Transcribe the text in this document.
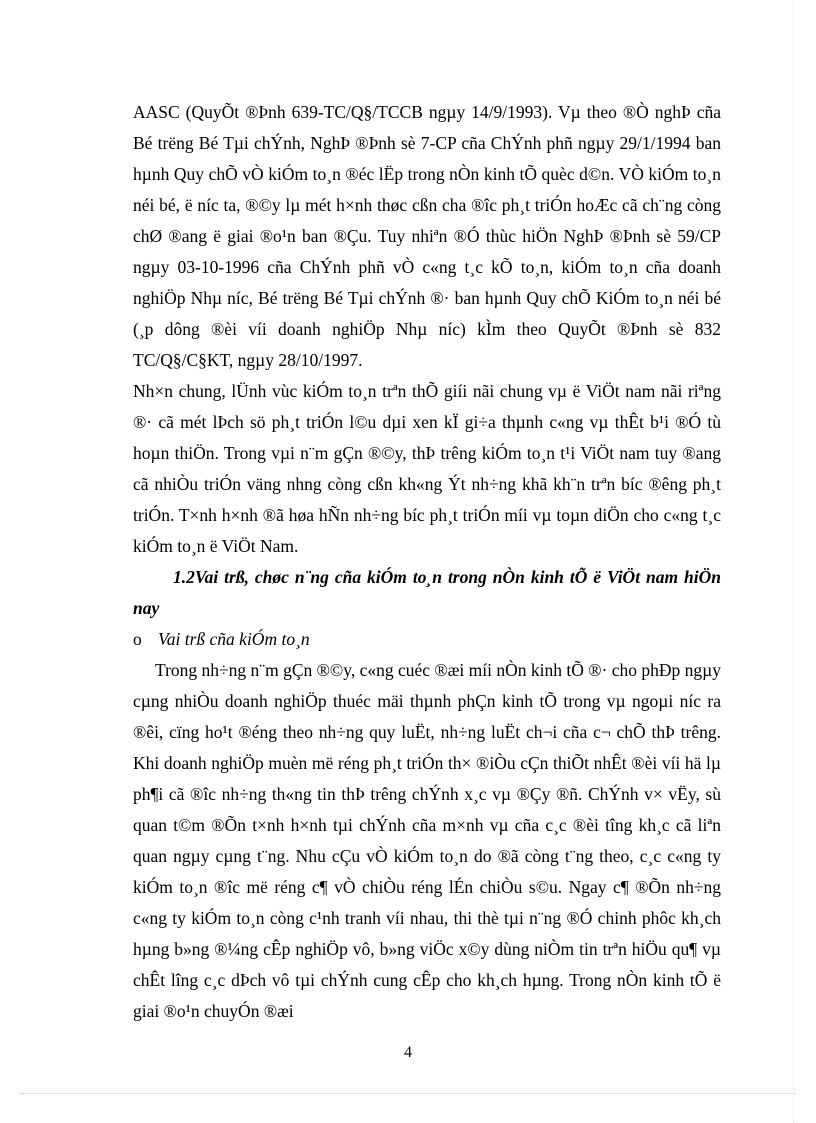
AASC (QuyÕt ®Þnh 639-TC/Q§/TCCB ngµy 14/9/1993). Vµ theo ®Ò nghÞ cña Bé trëng Bé Tµi chÝnh, NghÞ ®Þnh sè 7-CP cña ChÝnh phñ ngµy 29/1/1994 ban hµnh Quy chÕ vÒ kiÓm to¸n ®éc lËp trong nÒn kinh tÕ quèc d©n. VÒ kiÓm to¸n néi bé, ë níc ta, ®©y lµ mét h×nh thøc cßn cha ®îc ph¸t triÓn hoÆc cã ch¨ng còng chØ ®ang ë giai ®o¹n ban ®Çu. Tuy nhiªn ®Ó thùc hiÖn NghÞ ®Þnh sè 59/CP ngµy 03-10-1996 cña ChÝnh phñ vÒ c«ng t¸c kÕ to¸n, kiÓm to¸n cña doanh nghiÖp Nhµ níc, Bé trëng Bé Tµi chÝnh ®· ban hµnh Quy chÕ KiÓm to¸n néi bé (¸p dông ®èi víi doanh nghiÖp Nhµ níc) kÌm theo QuyÕt ®Þnh sè 832 TC/Q§/C§KT, ngµy 28/10/1997.

Nh×n chung, lÜnh vùc kiÓm to¸n trªn thÕ giíi nãi chung vµ ë ViÖt nam nãi riªng ®· cã mét lÞch sö ph¸t triÓn l©u dµi xen kÏ gi÷a thµnh c«ng vµ thÊt b¹i ®Ó tù hoµn thiÖn. Trong vµi n¨m gÇn ®©y, thÞ trêng kiÓm to¸n t¹i ViÖt nam tuy ®ang cã nhiÒu triÓn väng nhng còng cßn kh«ng Ýt nh÷ng khã kh¨n trªn bíc ®êng ph¸t triÓn. T×nh h×nh ®ã høa hÑn nh÷ng bíc ph¸t triÓn míi vµ toµn diÖn cho c«ng t¸c kiÓm to¸n ë ViÖt Nam.

1.2Vai trß, chøc n¨ng cña kiÓm to¸n trong nÒn kinh tÕ ë ViÖt nam hiÖn nay

o Vai trß cña kiÓm to¸n

Trong nh÷ng n¨m gÇn ®©y, c«ng cuéc ®æi míi nÒn kinh tÕ ®· cho phÐp ngµy cµng nhiÒu doanh nghiÖp thuéc mäi thµnh phÇn kinh tÕ trong vµ ngoµi níc ra ®êi, cïng ho¹t ®éng theo nh÷ng quy luËt, nh÷ng luËt ch¬i cña c¬ chÕ thÞ trêng. Khi doanh nghiÖp muèn më réng ph¸t triÓn th× ®iÒu cÇn thiÕt nhÊt ®èi víi hä lµ ph¶i cã ®îc nh÷ng th«ng tin thÞ trêng chÝnh x¸c vµ ®Çy ®ñ. ChÝnh v× vËy, sù quan t©m ®Õn t×nh h×nh tµi chÝnh cña m×nh vµ cña c¸c ®èi tîng kh¸c cã liªn quan ngµy cµng t¨ng. Nhu cÇu vÒ kiÓm to¸n do ®ã còng t¨ng theo, c¸c c«ng ty kiÓm to¸n ®îc më réng c¶ vÒ chiÒu réng lÉn chiÒu s©u. Ngay c¶ ®Õn nh÷ng c«ng ty kiÓm to¸n còng c¹nh tranh víi nhau, thi thè tµi n¨ng ®Ó chinh phôc kh¸ch hµng b»ng ®¼ng cÊp nghiÖp vô, b»ng viÖc x©y dùng niÒm tin trªn hiÖu qu¶ vµ chÊt lîng c¸c dÞch vô tµi chÝnh cung cÊp cho kh¸ch hµng. Trong nÒn kinh tÕ ë giai ®o¹n chuyÓn ®æi

4
